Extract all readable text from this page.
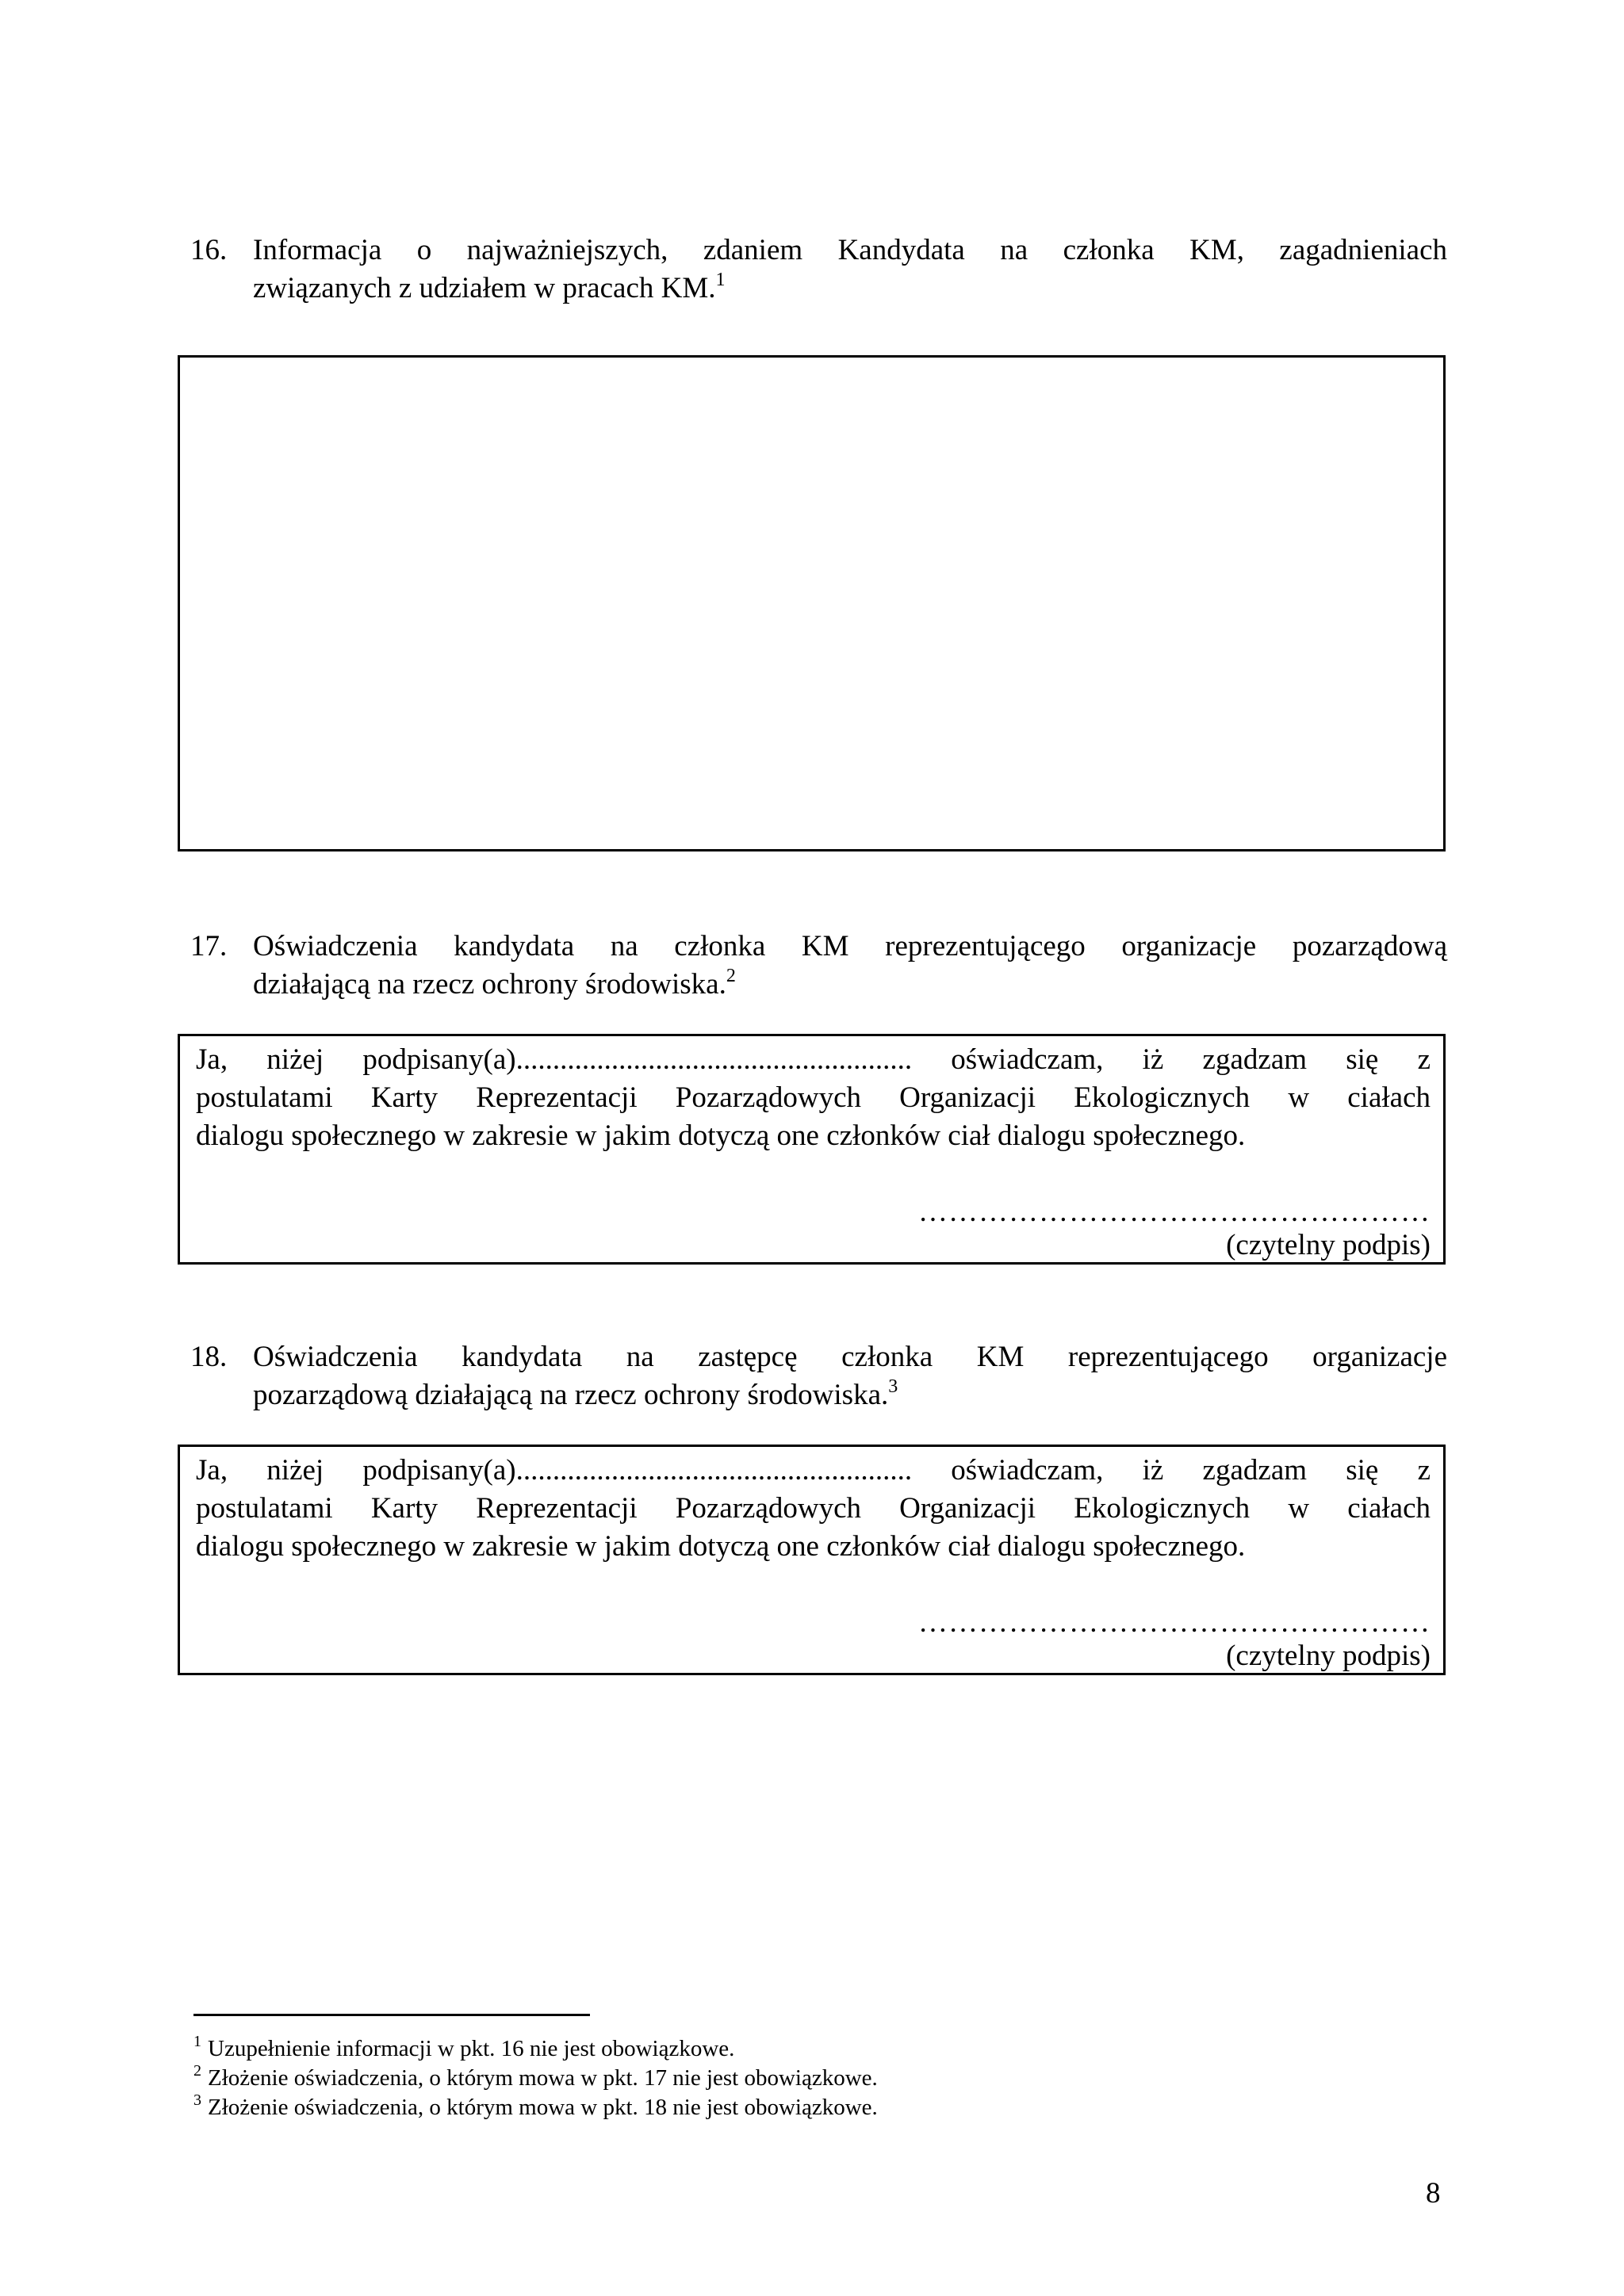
16. Informacja o najważniejszych, zdaniem Kandydata na członka KM, zagadnieniach
związanych z udziałem w pracach KM.$^1$
17. Oświadczenia kandydata na członka KM reprezentującego organizacje pozarządową
działającą na rzecz ochrony środowiska.$^2$
Ja, niżej podpisany(a)...................................................... oświadczam, iż zgadzam się z
postulatami Karty Reprezentacji Pozarządowych Organizacji Ekologicznych w ciałach
dialogu społecznego w zakresie w jakim dotyczą one członków ciał dialogu społecznego.
……………………………………………
(czytelny podpis)
18. Oświadczenia kandydata na zastępcę członka KM reprezentującego organizacje
pozarządową działającą na rzecz ochrony środowiska.$^3$
Ja, niżej podpisany(a)...................................................... oświadczam, iż zgadzam się z
postulatami Karty Reprezentacji Pozarządowych Organizacji Ekologicznych w ciałach
dialogu społecznego w zakresie w jakim dotyczą one członków ciał dialogu społecznego.
……………………………………………
(czytelny podpis)
$^1$ Uzupełnienie informacji w pkt. 16 nie jest obowiązkowe.
$^2$ Złożenie oświadczenia, o którym mowa w pkt. 17 nie jest obowiązkowe.
$^3$ Złożenie oświadczenia, o którym mowa w pkt. 18 nie jest obowiązkowe.
8
